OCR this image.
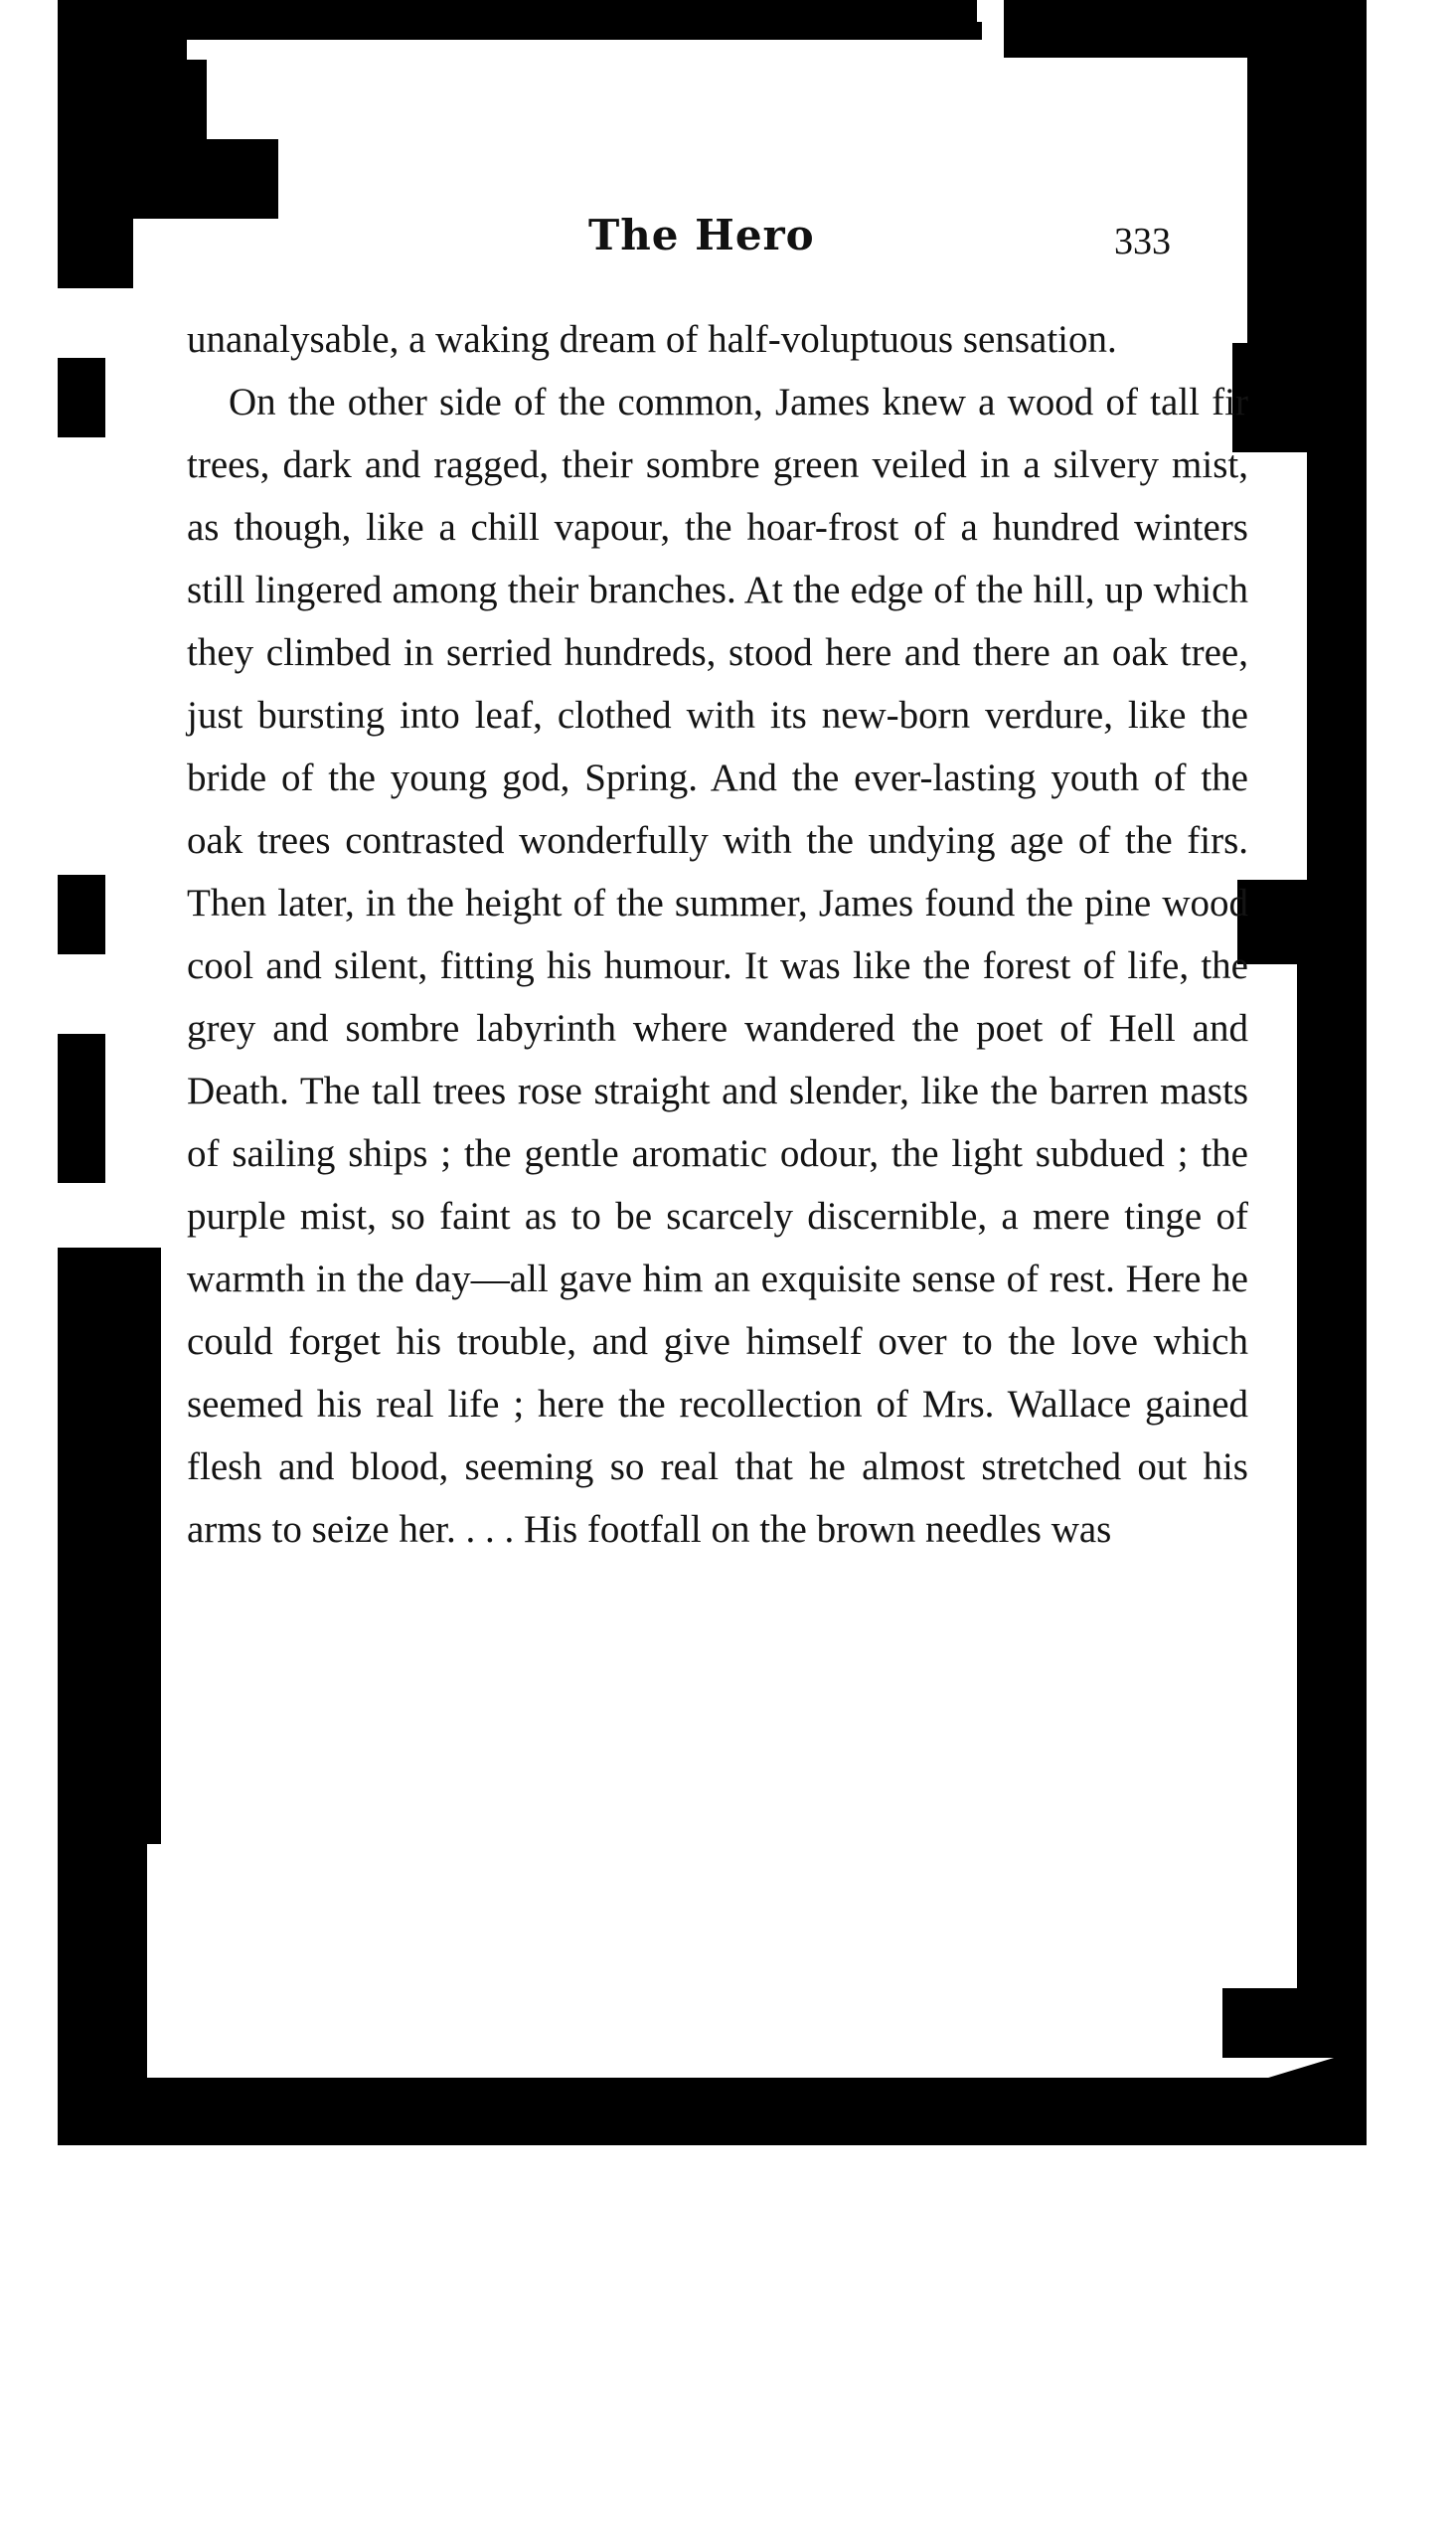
The Hero	333

unanalysable, a waking dream of half-voluptuous sensation.

On the other side of the common, James knew a wood of tall fir trees, dark and ragged, their sombre green veiled in a silvery mist, as though, like a chill vapour, the hoar-frost of a hundred winters still lingered among their branches. At the edge of the hill, up which they climbed in serried hundreds, stood here and there an oak tree, just bursting into leaf, clothed with its new-born verdure, like the bride of the young god, Spring. And the ever-lasting youth of the oak trees contrasted wonderfully with the undying age of the firs. Then later, in the height of the summer, James found the pine wood cool and silent, fitting his humour. It was like the forest of life, the grey and sombre labyrinth where wandered the poet of Hell and Death. The tall trees rose straight and slender, like the barren masts of sailing ships ; the gentle aromatic odour, the light subdued ; the purple mist, so faint as to be scarcely discernible, a mere tinge of warmth in the day—all gave him an exquisite sense of rest. Here he could forget his trouble, and give himself over to the love which seemed his real life ; here the recollection of Mrs. Wallace gained flesh and blood, seeming so real that he almost stretched out his arms to seize her. . . . His footfall on the brown needles was
